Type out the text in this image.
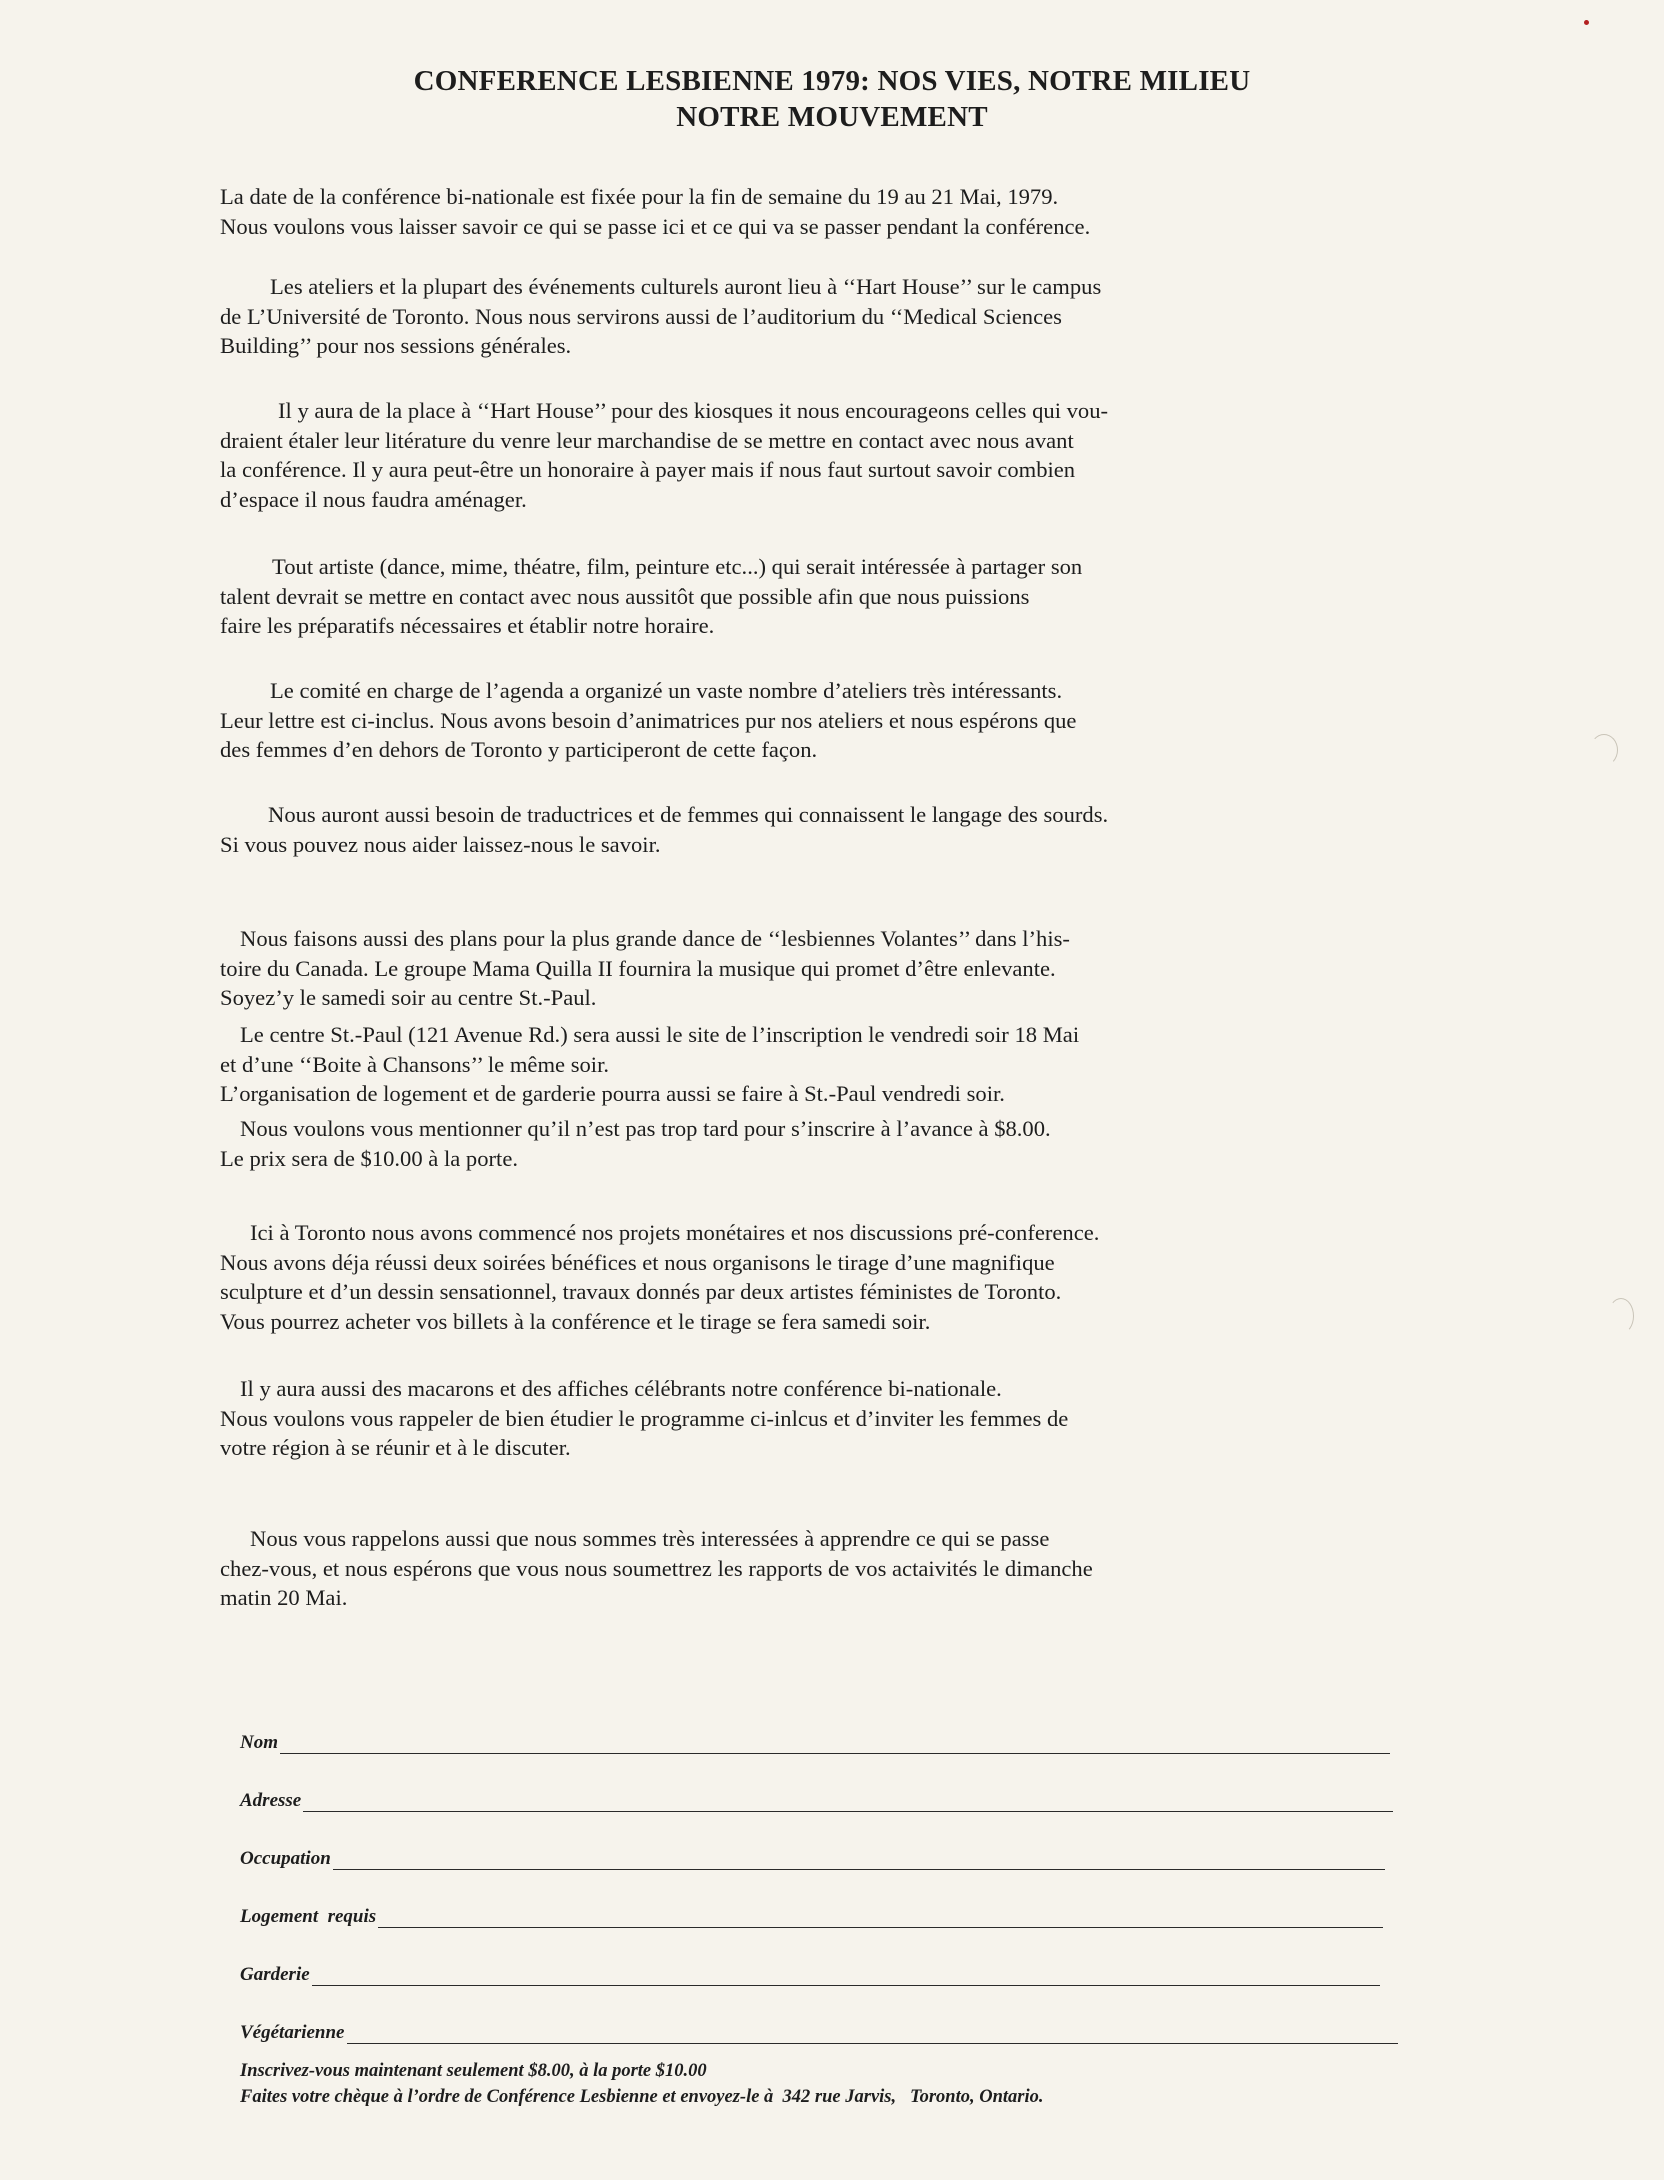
CONFERENCE LESBIENNE 1979: NOS VIES, NOTRE MILIEU
NOTRE MOUVEMENT

La date de la conférence bi-nationale est fixée pour la fin de semaine du 19 au 21 Mai, 1979.
Nous voulons vous laisser savoir ce qui se passe ici et ce qui va se passer pendant la conférence.

Les ateliers et la plupart des événements culturels auront lieu à ‘‘Hart House’’ sur le campus
de L’Université de Toronto. Nous nous servirons aussi de l’auditorium du ‘‘Medical Sciences
Building’’ pour nos sessions générales.

Il y aura de la place à ‘‘Hart House’’ pour des kiosques it nous encourageons celles qui vou-
draient étaler leur litérature du venre leur marchandise de se mettre en contact avec nous avant
la conférence. Il y aura peut-être un honoraire à payer mais if nous faut surtout savoir combien
d’espace il nous faudra aménager.

Tout artiste (dance, mime, théatre, film, peinture etc...) qui serait intéressée à partager son
talent devrait se mettre en contact avec nous aussitôt que possible afin que nous puissions
faire les préparatifs nécessaires et établir notre horaire.

Le comité en charge de l’agenda a organizé un vaste nombre d’ateliers très intéressants.
Leur lettre est ci-inclus. Nous avons besoin d’animatrices pur nos ateliers et nous espérons que
des femmes d’en dehors de Toronto y participeront de cette façon.

Nous auront aussi besoin de traductrices et de femmes qui connaissent le langage des sourds.
Si vous pouvez nous aider laissez-nous le savoir.

Nous faisons aussi des plans pour la plus grande dance de ‘‘lesbiennes Volantes’’ dans l’his-
toire du Canada. Le groupe Mama Quilla II fournira la musique qui promet d’être enlevante.
Soyez’y le samedi soir au centre St.-Paul.

Le centre St.-Paul (121 Avenue Rd.) sera aussi le site de l’inscription le vendredi soir 18 Mai
et d’une ‘‘Boite à Chansons’’ le même soir.
L’organisation de logement et de garderie pourra aussi se faire à St.-Paul vendredi soir.

Nous voulons vous mentionner qu’il n’est pas trop tard pour s’inscrire à l’avance à $8.00.
Le prix sera de $10.00 à la porte.

Ici à Toronto nous avons commencé nos projets monétaires et nos discussions pré-conference.
Nous avons déja réussi deux soirées bénéfices et nous organisons le tirage d’une magnifique
sculpture et d’un dessin sensationnel, travaux donnés par deux artistes féministes de Toronto.
Vous pourrez acheter vos billets à la conférence et le tirage se fera samedi soir.

Il y aura aussi des macarons et des affiches célébrants notre conférence bi-nationale.
Nous voulons vous rappeler de bien étudier le programme ci-inlcus et d’inviter les femmes de
votre région à se réunir et à le discuter.

Nous vous rappelons aussi que nous sommes très interessées à apprendre ce qui se passe
chez-vous, et nous espérons que vous nous soumettrez les rapports de vos actaivités le dimanche
matin 20 Mai.

Nom
Adresse
Occupation
Logement  requis
Garderie
Végétarienne
Inscrivez-vous maintenant seulement $8.00, à la porte $10.00
Faites votre chèque à l’ordre de Conférence Lesbienne et envoyez-le à  342 rue Jarvis,   Toronto, Ontario.
